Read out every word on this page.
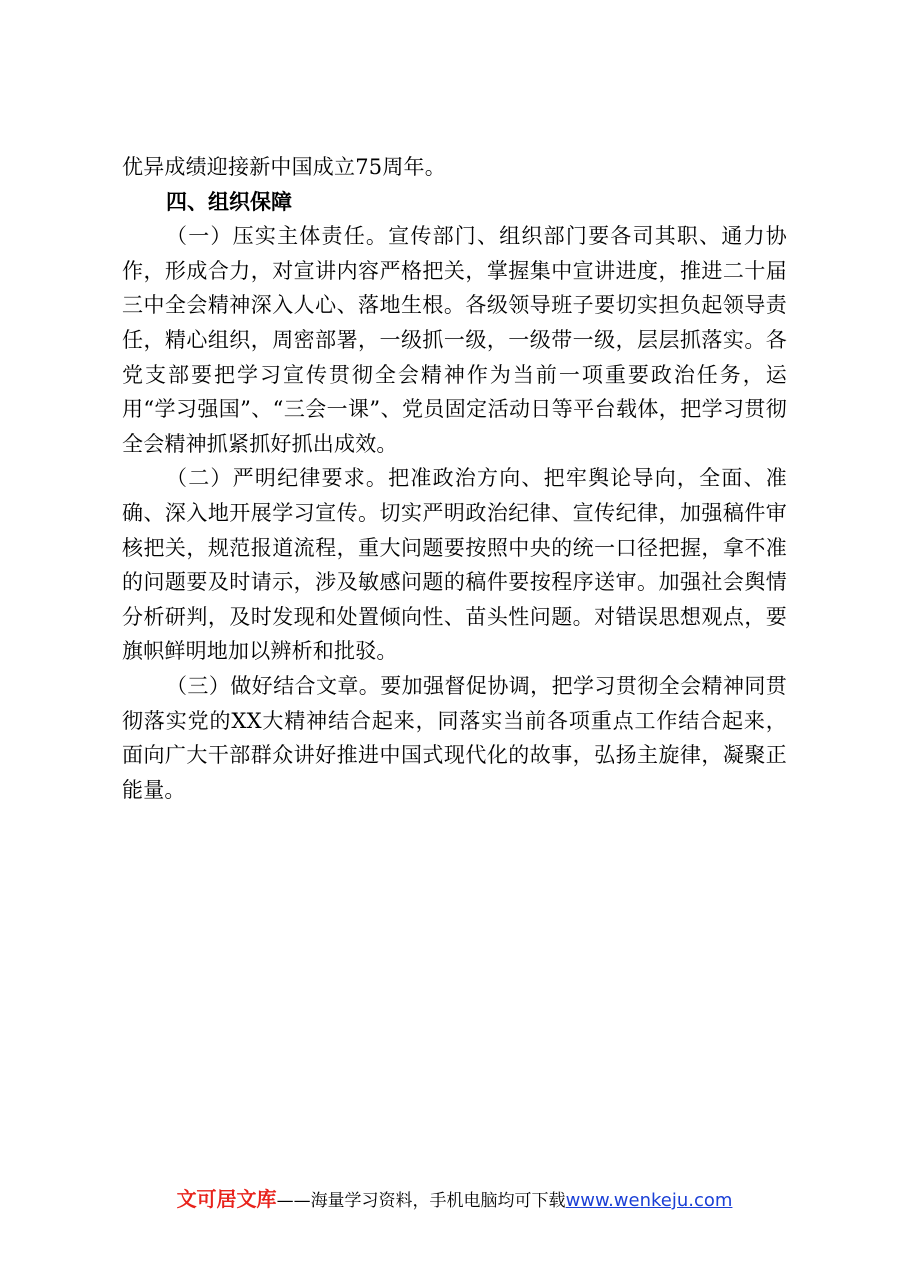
优异成绩迎接新中国成立75周年。

四、组织保障

（一）压实主体责任。宣传部门、组织部门要各司其职、通力协作，形成合力，对宣讲内容严格把关，掌握集中宣讲进度，推进二十届三中全会精神深入人心、落地生根。各级领导班子要切实担负起领导责任，精心组织，周密部署，一级抓一级，一级带一级，层层抓落实。各党支部要把学习宣传贯彻全会精神作为当前一项重要政治任务，运用“学习强国”、“三会一课”、党员固定活动日等平台载体，把学习贯彻全会精神抓紧抓好抓出成效。

（二）严明纪律要求。把准政治方向、把牢舆论导向，全面、准确、深入地开展学习宣传。切实严明政治纪律、宣传纪律，加强稿件审核把关，规范报道流程，重大问题要按照中央的统一口径把握，拿不准的问题要及时请示，涉及敏感问题的稿件要按程序送审。加强社会舆情分析研判，及时发现和处置倾向性、苗头性问题。对错误思想观点，要旗帜鲜明地加以辨析和批驳。

（三）做好结合文章。要加强督促协调，把学习贯彻全会精神同贯彻落实党的XX大精神结合起来，同落实当前各项重点工作结合起来，面向广大干部群众讲好推进中国式现代化的故事，弘扬主旋律，凝聚正能量。

文可居文库——海量学习资料，手机电脑均可下载www.wenkeju.com
